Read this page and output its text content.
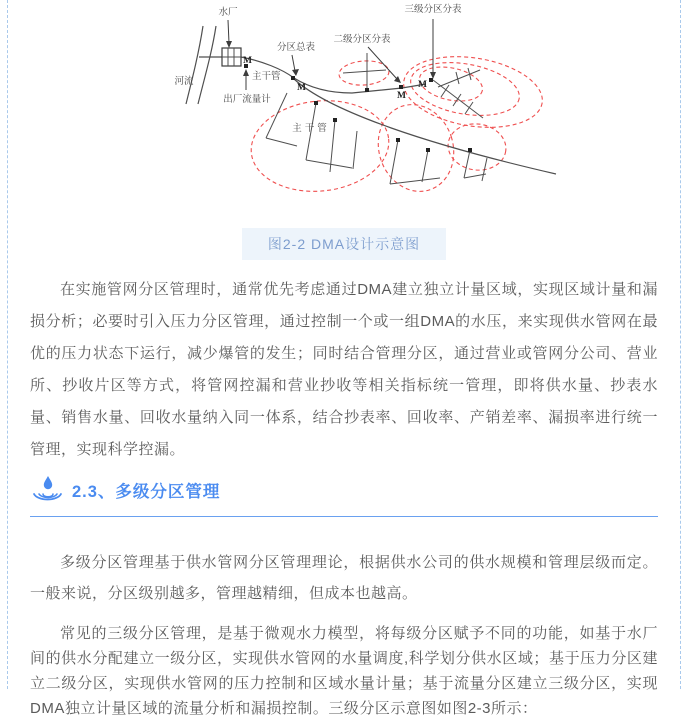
水厂
河流
出厂流量计
主干管
主干管
分区总表
二级分区分表
三级分区分表
M
M
M
M
图2-2 DMA设计示意图

在实施管网分区管理时，通常优先考虑通过DMA建立独立计量区域，实现区域计量和漏损分析；必要时引入压力分区管理，通过控制一个或一组DMA的水压，来实现供水管网在最优的压力状态下运行，减少爆管的发生；同时结合管理分区，通过营业或管网分公司、营业所、抄收片区等方式，将管网控漏和营业抄收等相关指标统一管理，即将供水量、抄表水量、销售水量、回收水量纳入同一体系，结合抄表率、回收率、产销差率、漏损率进行统一管理，实现科学控漏。

2.3、多级分区管理

多级分区管理基于供水管网分区管理理论，根据供水公司的供水规模和管理层级而定。一般来说，分区级别越多，管理越精细，但成本也越高。

常见的三级分区管理，是基于微观水力模型，将每级分区赋予不同的功能，如基于水厂间的供水分配建立一级分区，实现供水管网的水量调度,科学划分供水区域；基于压力分区建立二级分区，实现供水管网的压力控制和区域水量计量；基于流量分区建立三级分区，实现DMA独立计量区域的流量分析和漏损控制。三级分区示意图如图2-3所示：
